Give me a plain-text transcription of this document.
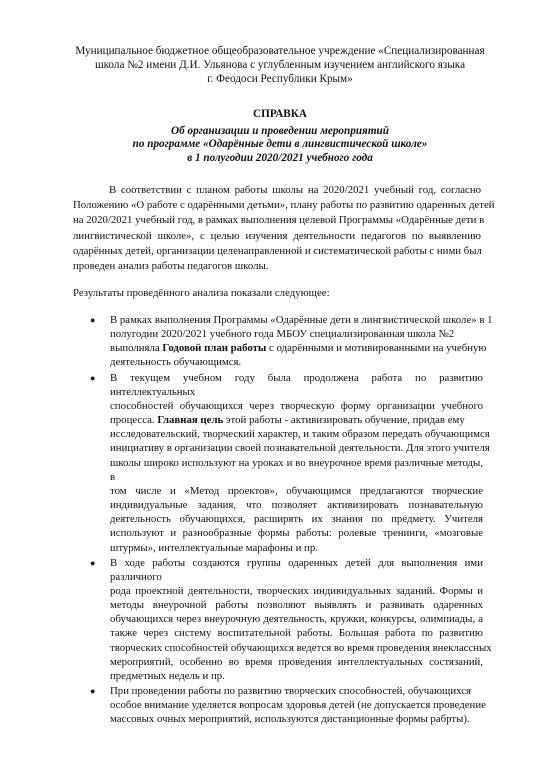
Муниципальное бюджетное общеобразовательное учреждение «Специализированная
школа №2 имени Д.И. Ульянова с углубленным изучением английского языка
г. Феодоси Республики Крым»
СПРАВКА
Об организации и проведении мероприятий
по программе «Одарённые дети в лингвистической школе»
в 1 полугодии 2020/2021 учебного года
В соответствии с планом работы школы на 2020/2021 учебный год, согласно
Положению «О работе с одарёнными детьми», плану работы по развитию одаренных детей
на 2020/2021 учебный год, в рамках выполнения целевой Программы «Одарённые дети в
лингвистической школе», с целью изучения деятельности педагогов по выявлению
одарённых детей, организации целенаправленной и систематической работы с ними был
проведен анализ работы педагогов школы.
Результаты проведённого анализа показали следующее:
● В рамках выполнения Программы «Одарённые дети в лингвистической школе» в 1
полугодии 2020/2021 учебного года МБОУ специализированная школа №2
выполняла Годовой план работы с одарёнными и мотивированными на учебную
деятельность обучающимся.
● В текущем учебном году была продолжена работа по развитию интеллектуальных
способностей обучающихся через творческую форму организации учебного
процесса. Главная цель этой работы - активизировать обучение, придав ему
исследовательский, творческий характер, и таким образом передать обучающимся
инициативу в организации своей познавательной деятельности. Для этого учителя
школы широко используют на уроках и во внеурочное время различные методы, в
том числе и «Метод проектов», обучающимся предлагаются творческие
индивидуальные задания, что позволяет активизировать познавательную
деятельность обучающихся, расширять их знания по предмету. Учителя
используют и разнообразные формы работы: ролевые тренинги, «мозговые
штурмы», интеллектуальные марафоны и пр.
● В ходе работы создаются группы одаренных детей для выполнения ими различного
рода проектной деятельности, творческих индивидуальных заданий. Формы и
методы внеурочной работы позволяют выявлять и развивать одаренных
обучающихся через внеурочную деятельность, кружки, конкурсы, олимпиады, а
также через систему воспитательной работы. Большая работа по развитию
творческих способностей обучающихся ведется во время проведения внеклассных
мероприятий, особенно во время проведения интеллектуальных состязаний,
предметных недель и пр.
● При проведении работы по развитию творческих способностей, обучающихся
особое внимание уделяется вопросам здоровья детей (не допускается проведение
массовых очных мероприятий, используются дистанционные формы рабрты).
